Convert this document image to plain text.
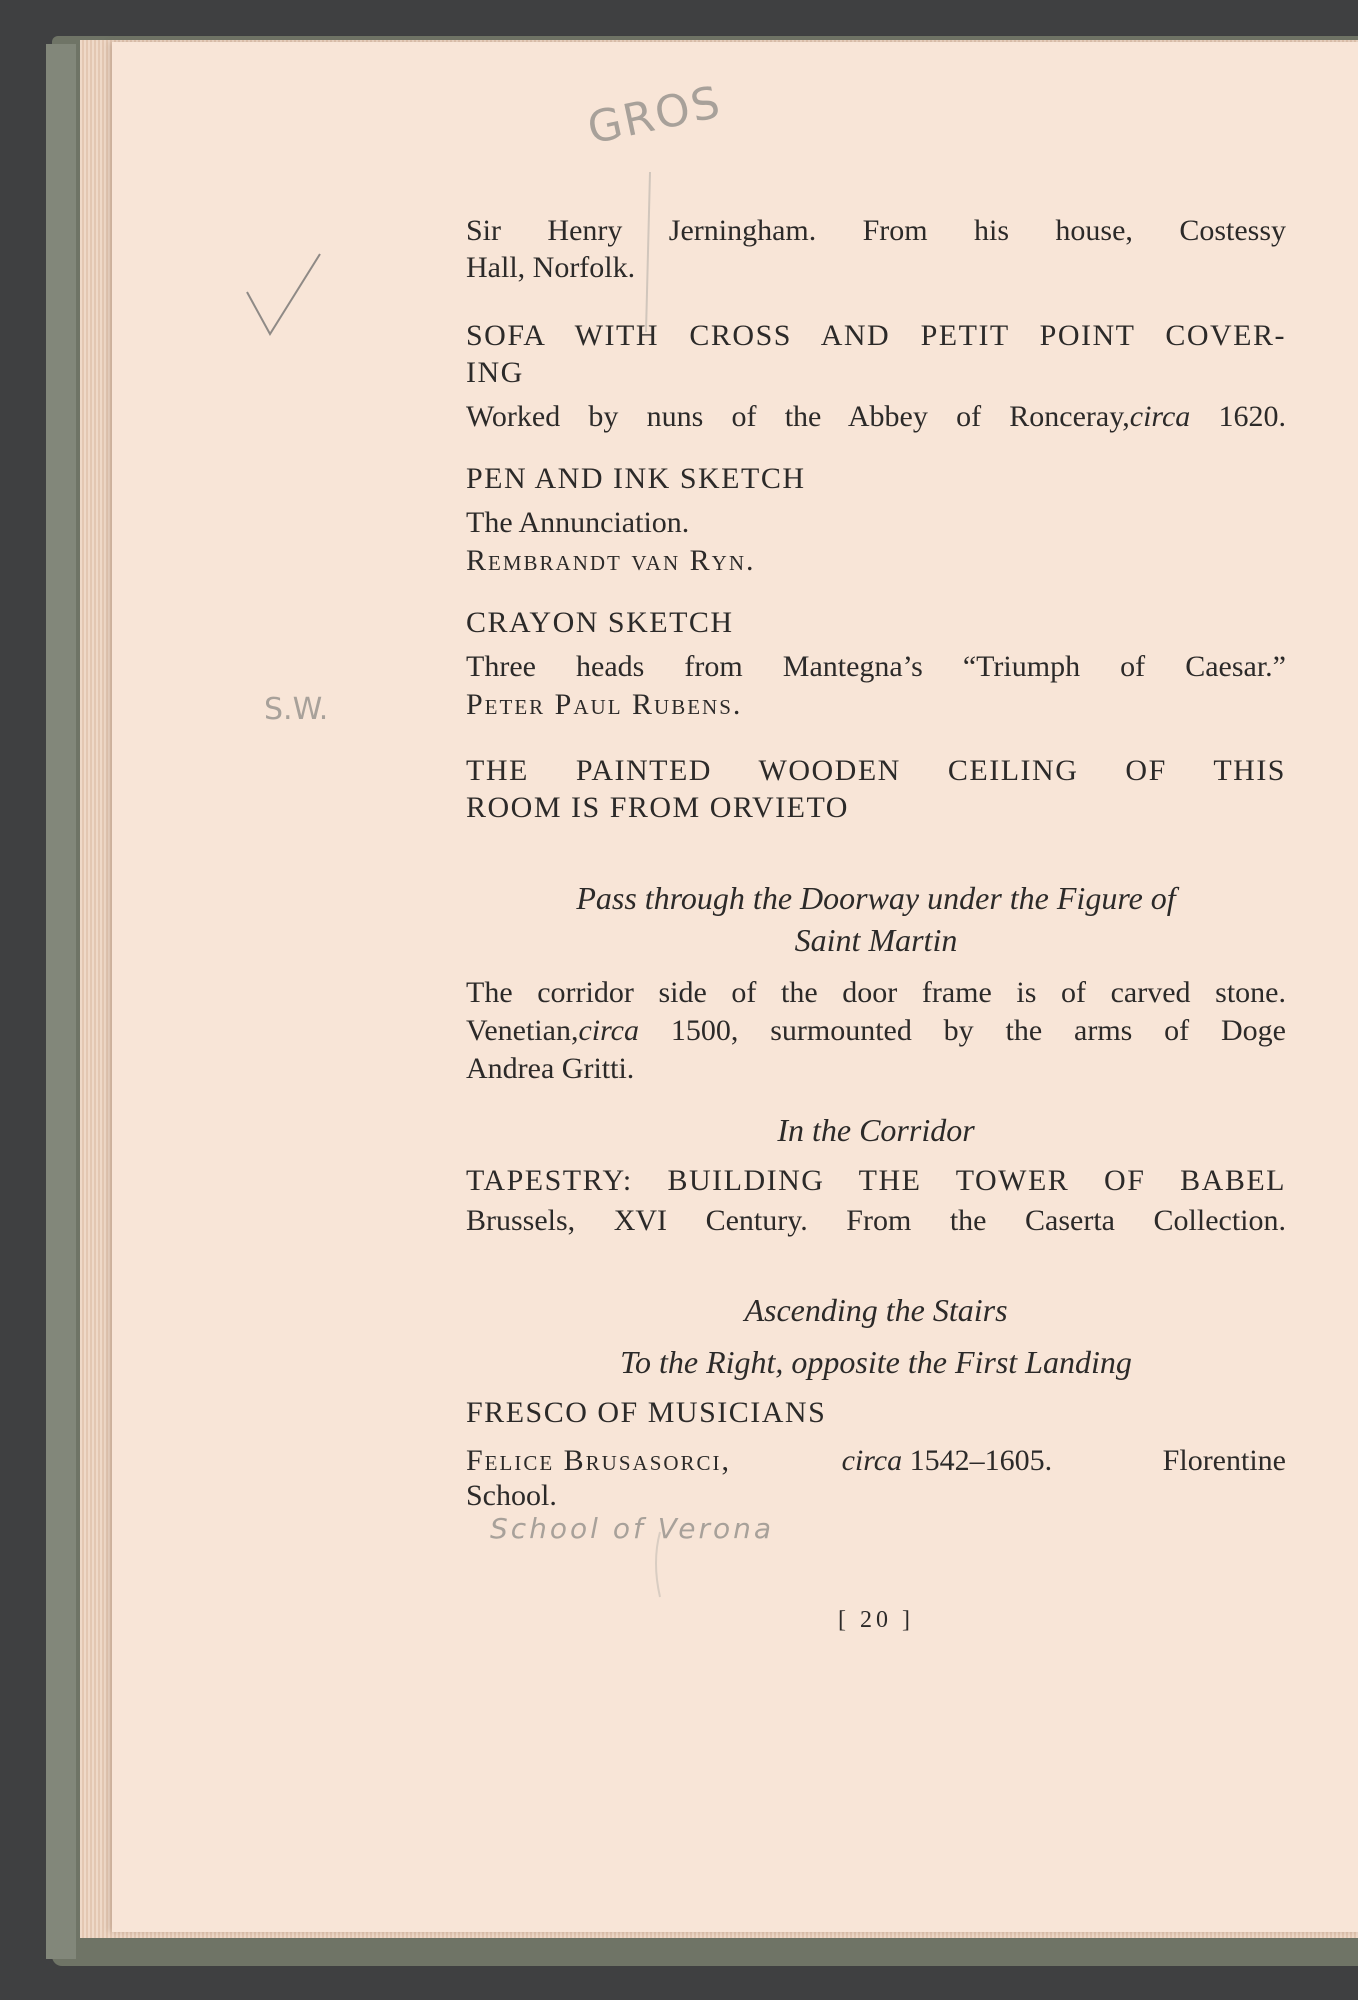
GROS
S.W.
School of Verona
Sir Henry Jerningham. From his house, Costessy
Hall, Norfolk.
SOFA WITH CROSS AND PETIT POINT COVER-
ING
Worked by nuns of the Abbey of Ronceray,circa 1620.
PEN AND INK SKETCH
The Annunciation.
Rembrandt van Ryn.
CRAYON SKETCH
Three heads from Mantegna’s “Triumph of Caesar.”
Peter Paul Rubens.
THE PAINTED WOODEN CEILING OF THIS
ROOM IS FROM ORVIETO
Pass through the Doorway under the Figure of
Saint Martin
The corridor side of the door frame is of carved stone.
Venetian,circa 1500, surmounted by the arms of Doge
Andrea Gritti.
In the Corridor
TAPESTRY: BUILDING THE TOWER OF BABEL
Brussels, XVI Century. From the Caserta Collection.
Ascending the Stairs
To the Right, opposite the First Landing
FRESCO OF MUSICIANS
Felice Brusasorci,	circa 1542–1605.	Florentine
School.
[ 20 ]
